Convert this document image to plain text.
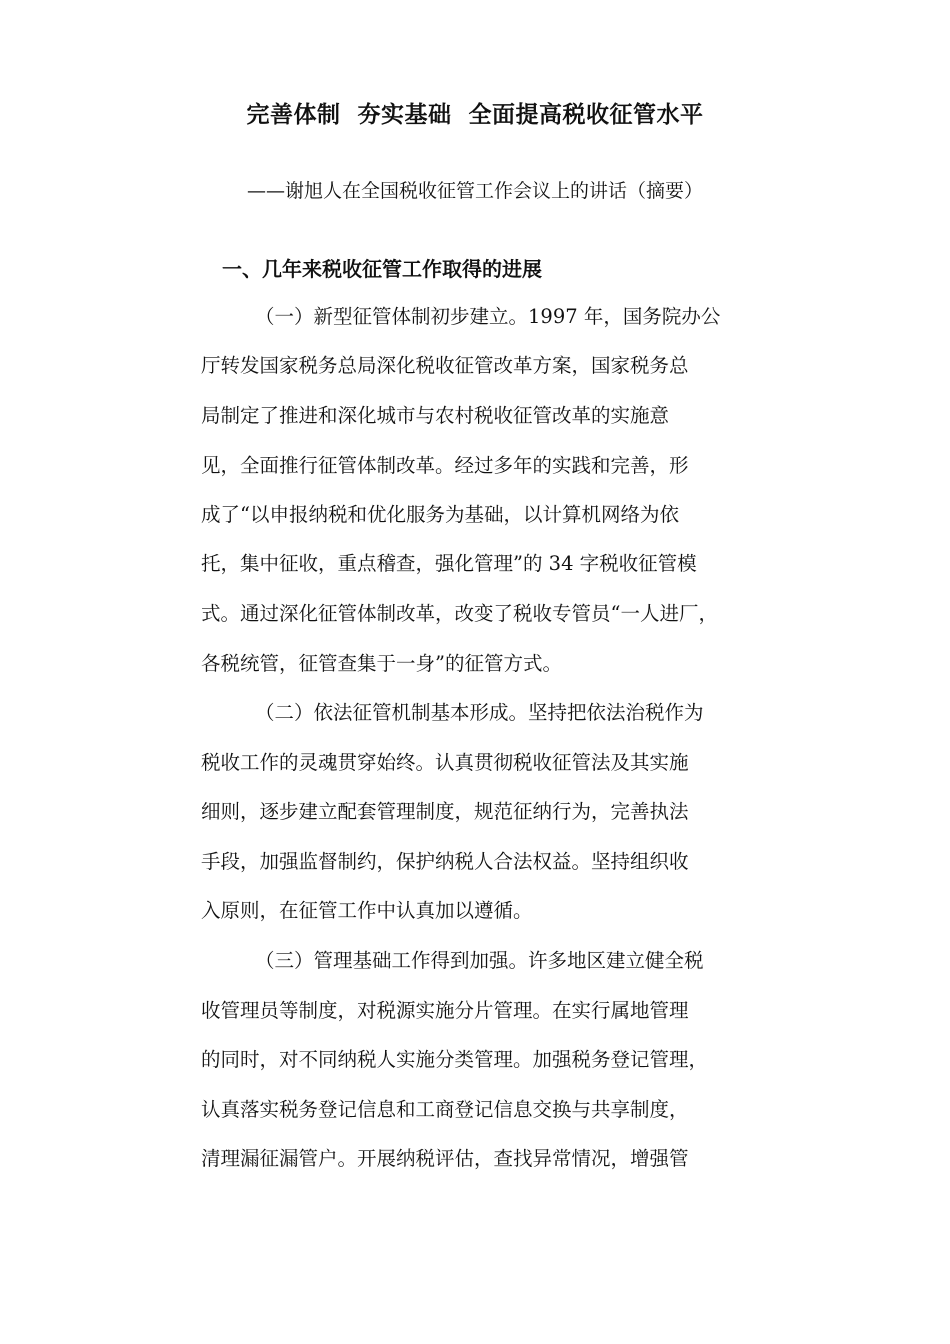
完善体制  夯实基础  全面提高税收征管水平
——谢旭人在全国税收征管工作会议上的讲话（摘要）
一、几年来税收征管工作取得的进展
（一）新型征管体制初步建立。1997 年，国务院办公
厅转发国家税务总局深化税收征管改革方案，国家税务总
局制定了推进和深化城市与农村税收征管改革的实施意
见，全面推行征管体制改革。经过多年的实践和完善，形
成了“以申报纳税和优化服务为基础，以计算机网络为依
托，集中征收，重点稽查，强化管理”的 34 字税收征管模
式。通过深化征管体制改革，改变了税收专管员“一人进厂，
各税统管，征管查集于一身”的征管方式。
（二）依法征管机制基本形成。坚持把依法治税作为
税收工作的灵魂贯穿始终。认真贯彻税收征管法及其实施
细则，逐步建立配套管理制度，规范征纳行为，完善执法
手段，加强监督制约，保护纳税人合法权益。坚持组织收
入原则，在征管工作中认真加以遵循。
（三）管理基础工作得到加强。许多地区建立健全税
收管理员等制度，对税源实施分片管理。在实行属地管理
的同时，对不同纳税人实施分类管理。加强税务登记管理，
认真落实税务登记信息和工商登记信息交换与共享制度，
清理漏征漏管户。开展纳税评估，查找异常情况，增强管
